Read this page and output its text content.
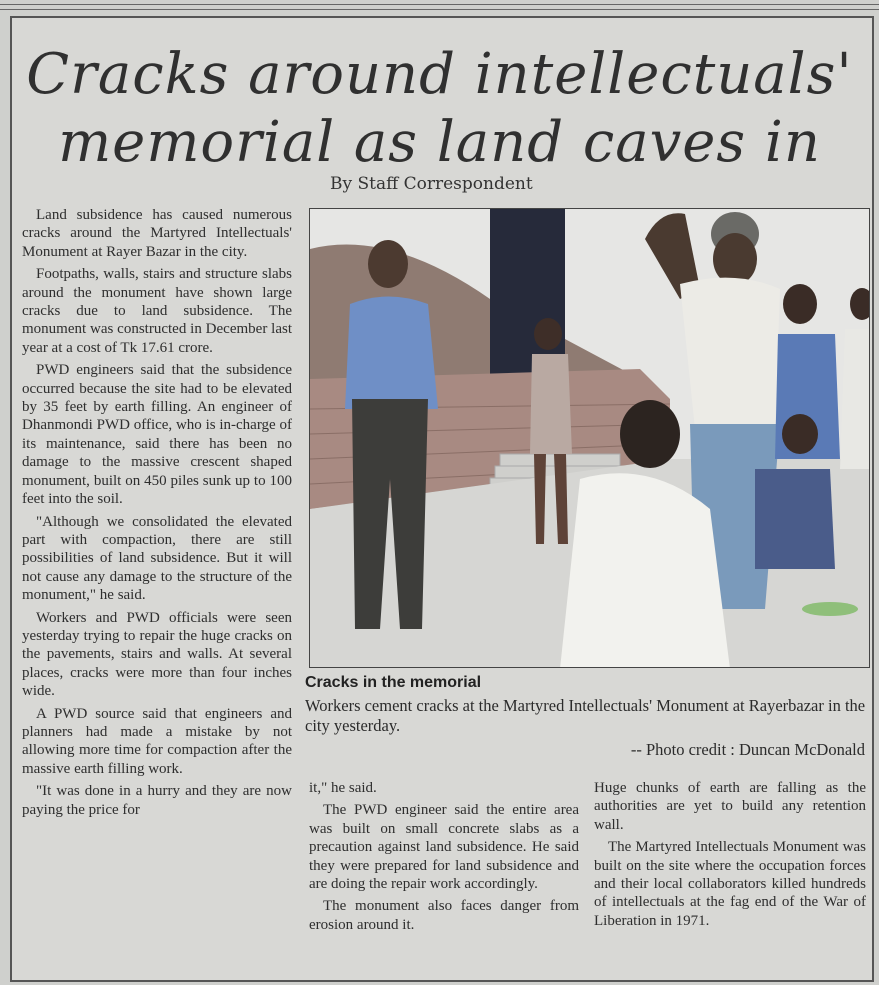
Cracks around intellectuals'
memorial as land caves in
By Staff Correspondent

Land subsidence has caused numerous cracks around the Martyred Intellectuals' Monument at Rayer Bazar in the city.

Footpaths, walls, stairs and structure slabs around the monument have shown large cracks due to land subsidence. The monument was constructed in December last year at a cost of Tk 17.61 crore.

PWD engineers said that the subsidence occurred because the site had to be elevated by 35 feet by earth filling. An engineer of Dhanmondi PWD office, who is in-charge of its maintenance, said there has been no damage to the massive crescent shaped monument, built on 450 piles sunk up to 100 feet into the soil.

"Although we consolidated the elevated part with compaction, there are still possibilities of land subsidence. But it will not cause any damage to the structure of the monument," he said.

Workers and PWD officials were seen yesterday trying to repair the huge cracks on the pavements, stairs and walls. At several places, cracks were more than four inches wide.

A PWD source said that engineers and planners had made a mistake by not allowing more time for compaction after the massive earth filling work.

"It was done in a hurry and they are now paying the price for

Cracks in the memorial
Workers cement cracks at the Martyred Intellectuals' Monument at Rayerbazar in the city yesterday.
-- Photo credit : Duncan McDonald

it," he said.

The PWD engineer said the entire area was built on small concrete slabs as a precaution against land subsidence. He said they were prepared for land subsidence and are doing the repair work accordingly.

The monument also faces danger from erosion around it.

Huge chunks of earth are falling as the authorities are yet to build any retention wall.

The Martyred Intellectuals Monument was built on the site where the occupation forces and their local collaborators killed hundreds of intellectuals at the fag end of the War of Liberation in 1971.
